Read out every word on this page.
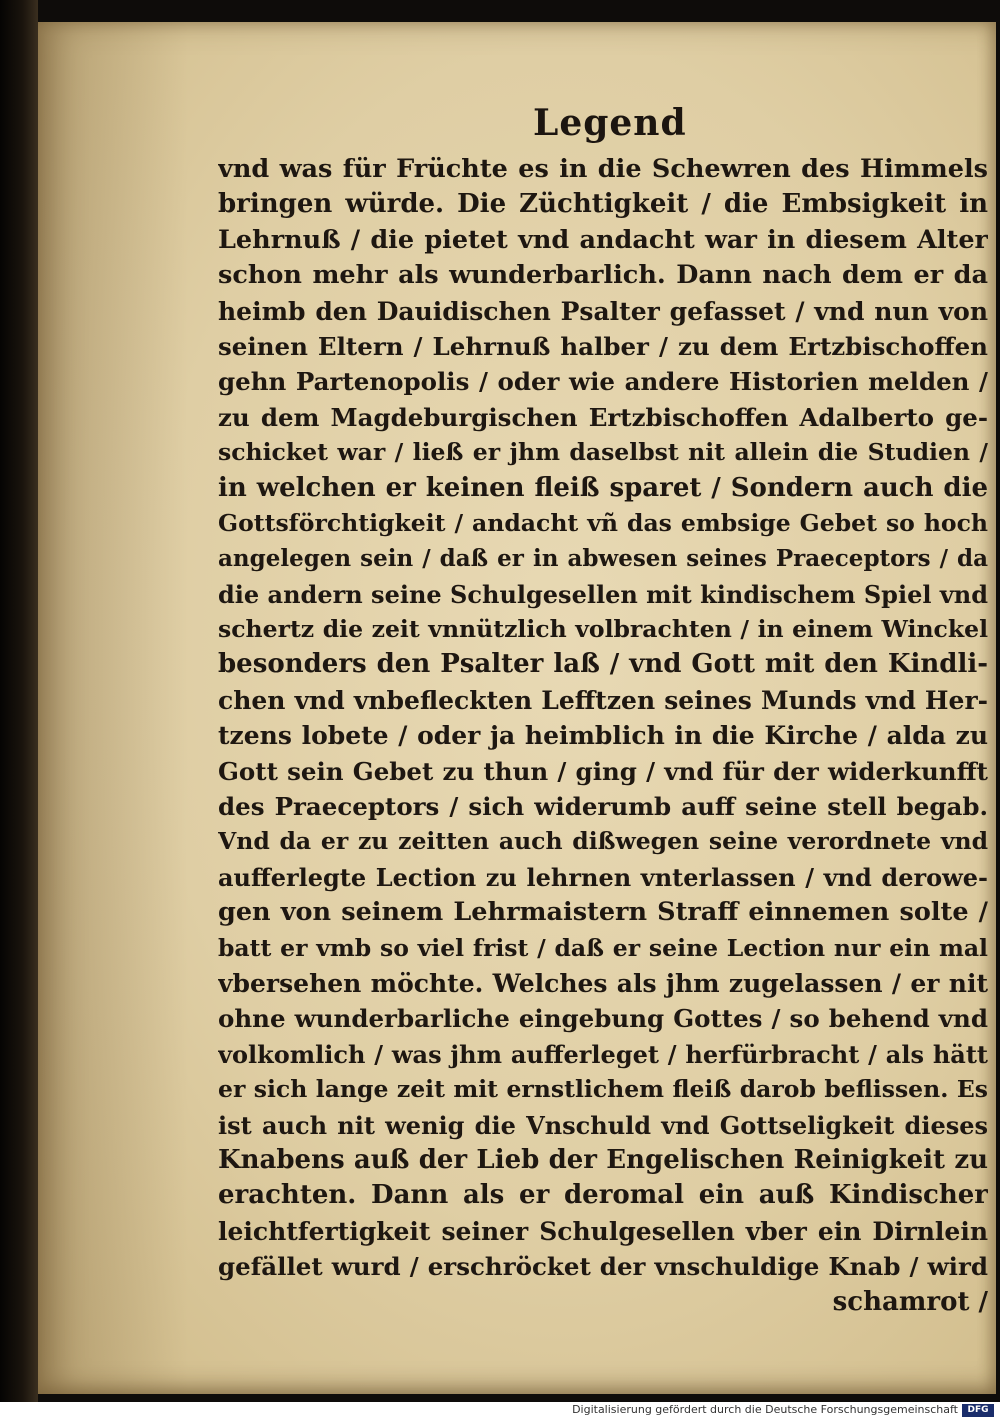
Legend
vnd was für Früchte es in die Schewren des Himmels
bringen würde. Die Züchtigkeit / die Embsigkeit in
Lehrnuß / die pietet vnd andacht war in diesem Alter
schon mehr als wunderbarlich. Dann nach dem er da
heimb den Dauidischen Psalter gefasset / vnd nun von
seinen Eltern / Lehrnuß halber / zu dem Ertzbischoffen
gehn Partenopolis / oder wie andere Historien melden /
zu dem Magdeburgischen Ertzbischoffen Adalberto ge-
schicket war / ließ er jhm daselbst nit allein die Studien /
in welchen er keinen fleiß sparet / Sondern auch die
Gottsförchtigkeit / andacht vñ das embsige Gebet so hoch
angelegen sein / daß er in abwesen seines Praeceptors / da
die andern seine Schulgesellen mit kindischem Spiel vnd
schertz die zeit vnnützlich volbrachten / in einem Winckel
besonders den Psalter laß / vnd Gott mit den Kindli-
chen vnd vnbefleckten Lefftzen seines Munds vnd Her-
tzens lobete / oder ja heimblich in die Kirche / alda zu
Gott sein Gebet zu thun / ging / vnd für der widerkunfft
des Praeceptors / sich widerumb auff seine stell begab.
Vnd da er zu zeitten auch dißwegen seine verordnete vnd
aufferlegte Lection zu lehrnen vnterlassen / vnd derowe-
gen von seinem Lehrmaistern Straff einnemen solte /
batt er vmb so viel frist / daß er seine Lection nur ein mal
vbersehen möchte. Welches als jhm zugelassen / er nit
ohne wunderbarliche eingebung Gottes / so behend vnd
volkomlich / was jhm aufferleget / herfürbracht / als hätt
er sich lange zeit mit ernstlichem fleiß darob beflissen. Es
ist auch nit wenig die Vnschuld vnd Gottseligkeit dieses
Knabens auß der Lieb der Engelischen Reinigkeit zu
erachten. Dann als er deromal ein auß Kindischer
leichtfertigkeit seiner Schulgesellen vber ein Dirnlein
gefället wurd / erschröcket der vnschuldige Knab / wird
schamrot /
Digitalisierung gefördert durch die Deutsche Forschungsgemeinschaft	DFG
